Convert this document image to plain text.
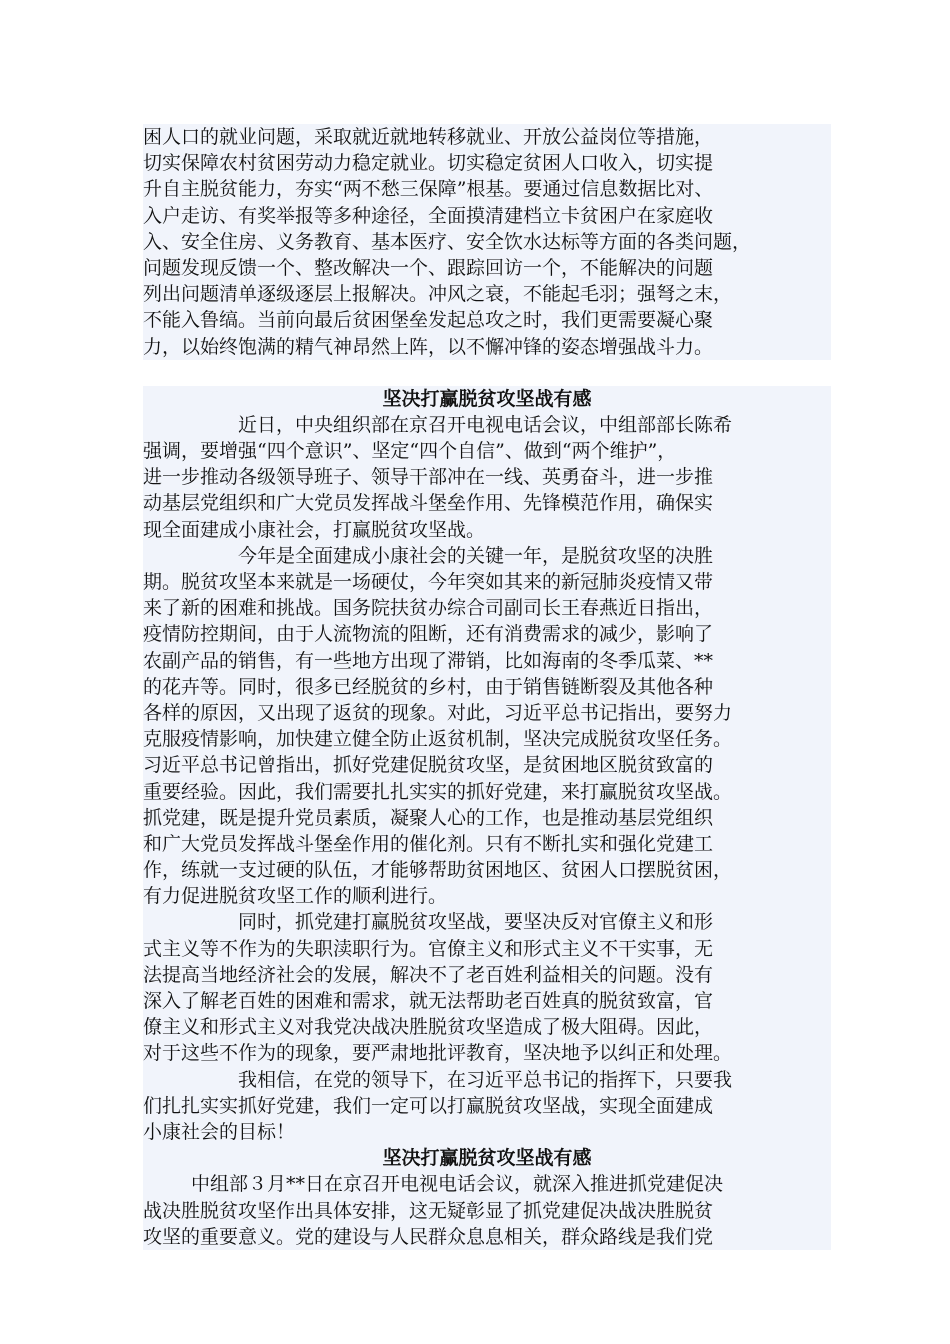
困人口的就业问题，采取就近就地转移就业、开放公益岗位等措施，
切实保障农村贫困劳动力稳定就业。切实稳定贫困人口收入，切实提
升自主脱贫能力，夯实“两不愁三保障”根基。要通过信息数据比对、
入户走访、有奖举报等多种途径，全面摸清建档立卡贫困户在家庭收
入、安全住房、义务教育、基本医疗、安全饮水达标等方面的各类问题，
问题发现反馈一个、整改解决一个、跟踪回访一个，不能解决的问题
列出问题清单逐级逐层上报解决。冲风之衰，不能起毛羽；强弩之末，
不能入鲁缟。当前向最后贫困堡垒发起总攻之时，我们更需要凝心聚
力，以始终饱满的精气神昂然上阵，以不懈冲锋的姿态增强战斗力。
坚决打赢脱贫攻坚战有感
近日，中央组织部在京召开电视电话会议，中组部部长陈希
强调，要增强“四个意识”、坚定“四个自信”、做到“两个维护”，
进一步推动各级领导班子、领导干部冲在一线、英勇奋斗，进一步推
动基层党组织和广大党员发挥战斗堡垒作用、先锋模范作用，确保实
现全面建成小康社会，打赢脱贫攻坚战。
今年是全面建成小康社会的关键一年，是脱贫攻坚的决胜
期。脱贫攻坚本来就是一场硬仗，今年突如其来的新冠肺炎疫情又带
来了新的困难和挑战。国务院扶贫办综合司副司长王春燕近日指出，
疫情防控期间，由于人流物流的阻断，还有消费需求的减少，影响了
农副产品的销售，有一些地方出现了滞销，比如海南的冬季瓜菜、**
的花卉等。同时，很多已经脱贫的乡村，由于销售链断裂及其他各种
各样的原因，又出现了返贫的现象。对此，习近平总书记指出，要努力
克服疫情影响，加快建立健全防止返贫机制，坚决完成脱贫攻坚任务。
习近平总书记曾指出，抓好党建促脱贫攻坚，是贫困地区脱贫致富的
重要经验。因此，我们需要扎扎实实的抓好党建，来打赢脱贫攻坚战。
抓党建，既是提升党员素质，凝聚人心的工作，也是推动基层党组织
和广大党员发挥战斗堡垒作用的催化剂。只有不断扎实和强化党建工
作，练就一支过硬的队伍，才能够帮助贫困地区、贫困人口摆脱贫困，
有力促进脱贫攻坚工作的顺利进行。
同时，抓党建打赢脱贫攻坚战，要坚决反对官僚主义和形
式主义等不作为的失职渎职行为。官僚主义和形式主义不干实事，无
法提高当地经济社会的发展，解决不了老百姓利益相关的问题。没有
深入了解老百姓的困难和需求，就无法帮助老百姓真的脱贫致富，官
僚主义和形式主义对我党决战决胜脱贫攻坚造成了极大阻碍。因此，
对于这些不作为的现象，要严肃地批评教育，坚决地予以纠正和处理。
我相信，在党的领导下，在习近平总书记的指挥下，只要我
们扎扎实实抓好党建，我们一定可以打赢脱贫攻坚战，实现全面建成
小康社会的目标！
坚决打赢脱贫攻坚战有感
中组部３月**日在京召开电视电话会议，就深入推进抓党建促决
战决胜脱贫攻坚作出具体安排，这无疑彰显了抓党建促决战决胜脱贫
攻坚的重要意义。党的建设与人民群众息息相关，群众路线是我们党
